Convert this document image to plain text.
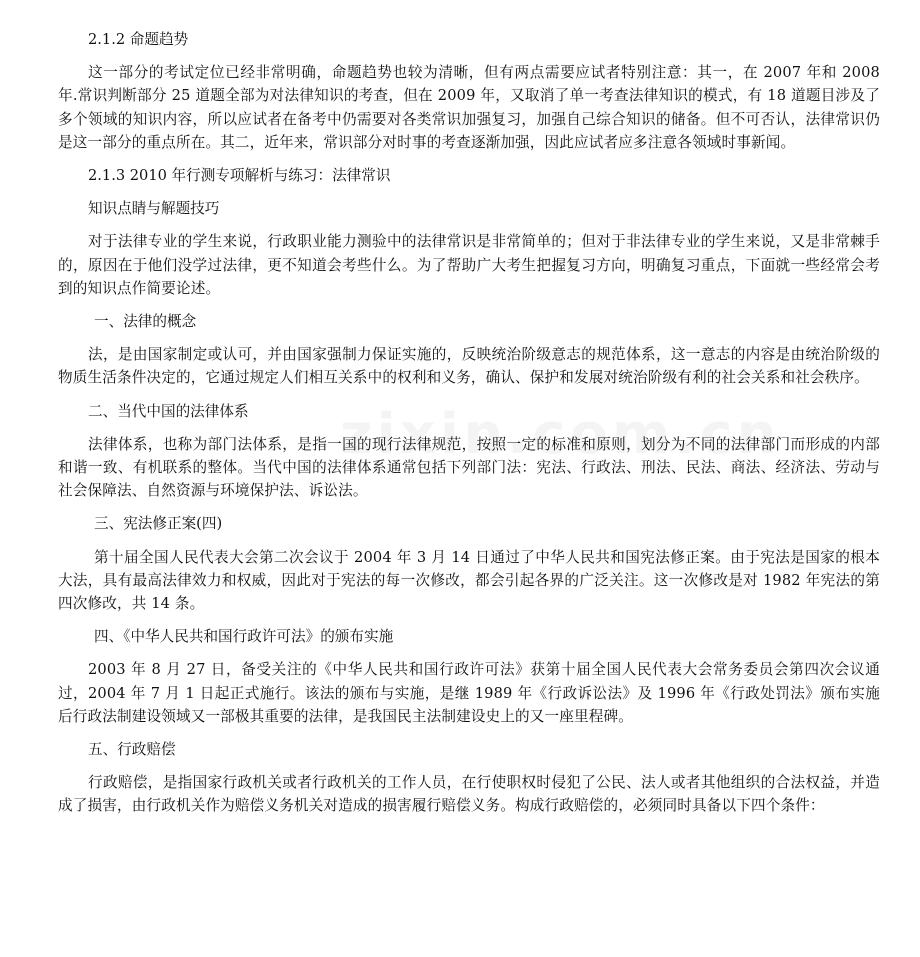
2.1.2 命题趋势
这一部分的考试定位已经非常明确，命题趋势也较为清晰，但有两点需要应试者特别注意：其一，在 2007 年和 2008 年.常识判断部分 25 道题全部为对法律知识的考查，但在 2009 年，又取消了单一考查法律知识的模式，有 18 道题目涉及了多个领域的知识内容，所以应试者在备考中仍需要对各类常识加强复习，加强自己综合知识的储备。但不可否认，法律常识仍是这一部分的重点所在。其二，近年来，常识部分对时事的考查逐渐加强，因此应试者应多注意各领域时事新闻。
2.1.3 2010 年行测专项解析与练习：法律常识
知识点睛与解题技巧
对于法律专业的学生来说，行政职业能力测验中的法律常识是非常简单的；但对于非法律专业的学生来说，又是非常棘手的，原因在于他们没学过法律，更不知道会考些什么。为了帮助广大考生把握复习方向，明确复习重点，下面就一些经常会考到的知识点作简要论述。
一、法律的概念
法，是由国家制定或认可，并由国家强制力保证实施的，反映统治阶级意志的规范体系，这一意志的内容是由统治阶级的物质生活条件决定的，它通过规定人们相互关系中的权利和义务，确认、保护和发展对统治阶级有利的社会关系和社会秩序。
二、当代中国的法律体系
法律体系，也称为部门法体系，是指一国的现行法律规范，按照一定的标准和原则，划分为不同的法律部门而形成的内部和谐一致、有机联系的整体。当代中国的法律体系通常包括下列部门法：宪法、行政法、刑法、民法、商法、经济法、劳动与社会保障法、自然资源与环境保护法、诉讼法。
三、宪法修正案(四)
第十届全国人民代表大会第二次会议于 2004 年 3 月 14 日通过了中华人民共和国宪法修正案。由于宪法是国家的根本大法，具有最高法律效力和权威，因此对于宪法的每一次修改，都会引起各界的广泛关注。这一次修改是对 1982 年宪法的第四次修改，共 14 条。
四、《中华人民共和国行政许可法》的颁布实施
2003 年 8 月 27 日，备受关注的《中华人民共和国行政许可法》获第十届全国人民代表大会常务委员会第四次会议通过，2004 年 7 月 1 日起正式施行。该法的颁布与实施，是继 1989 年《行政诉讼法》及 1996 年《行政处罚法》颁布实施后行政法制建设领域又一部极其重要的法律，是我国民主法制建设史上的又一座里程碑。
五、行政赔偿
行政赔偿，是指国家行政机关或者行政机关的工作人员，在行使职权时侵犯了公民、法人或者其他组织的合法权益，并造成了损害，由行政机关作为赔偿义务机关对造成的损害履行赔偿义务。构成行政赔偿的，必须同时具备以下四个条件：
